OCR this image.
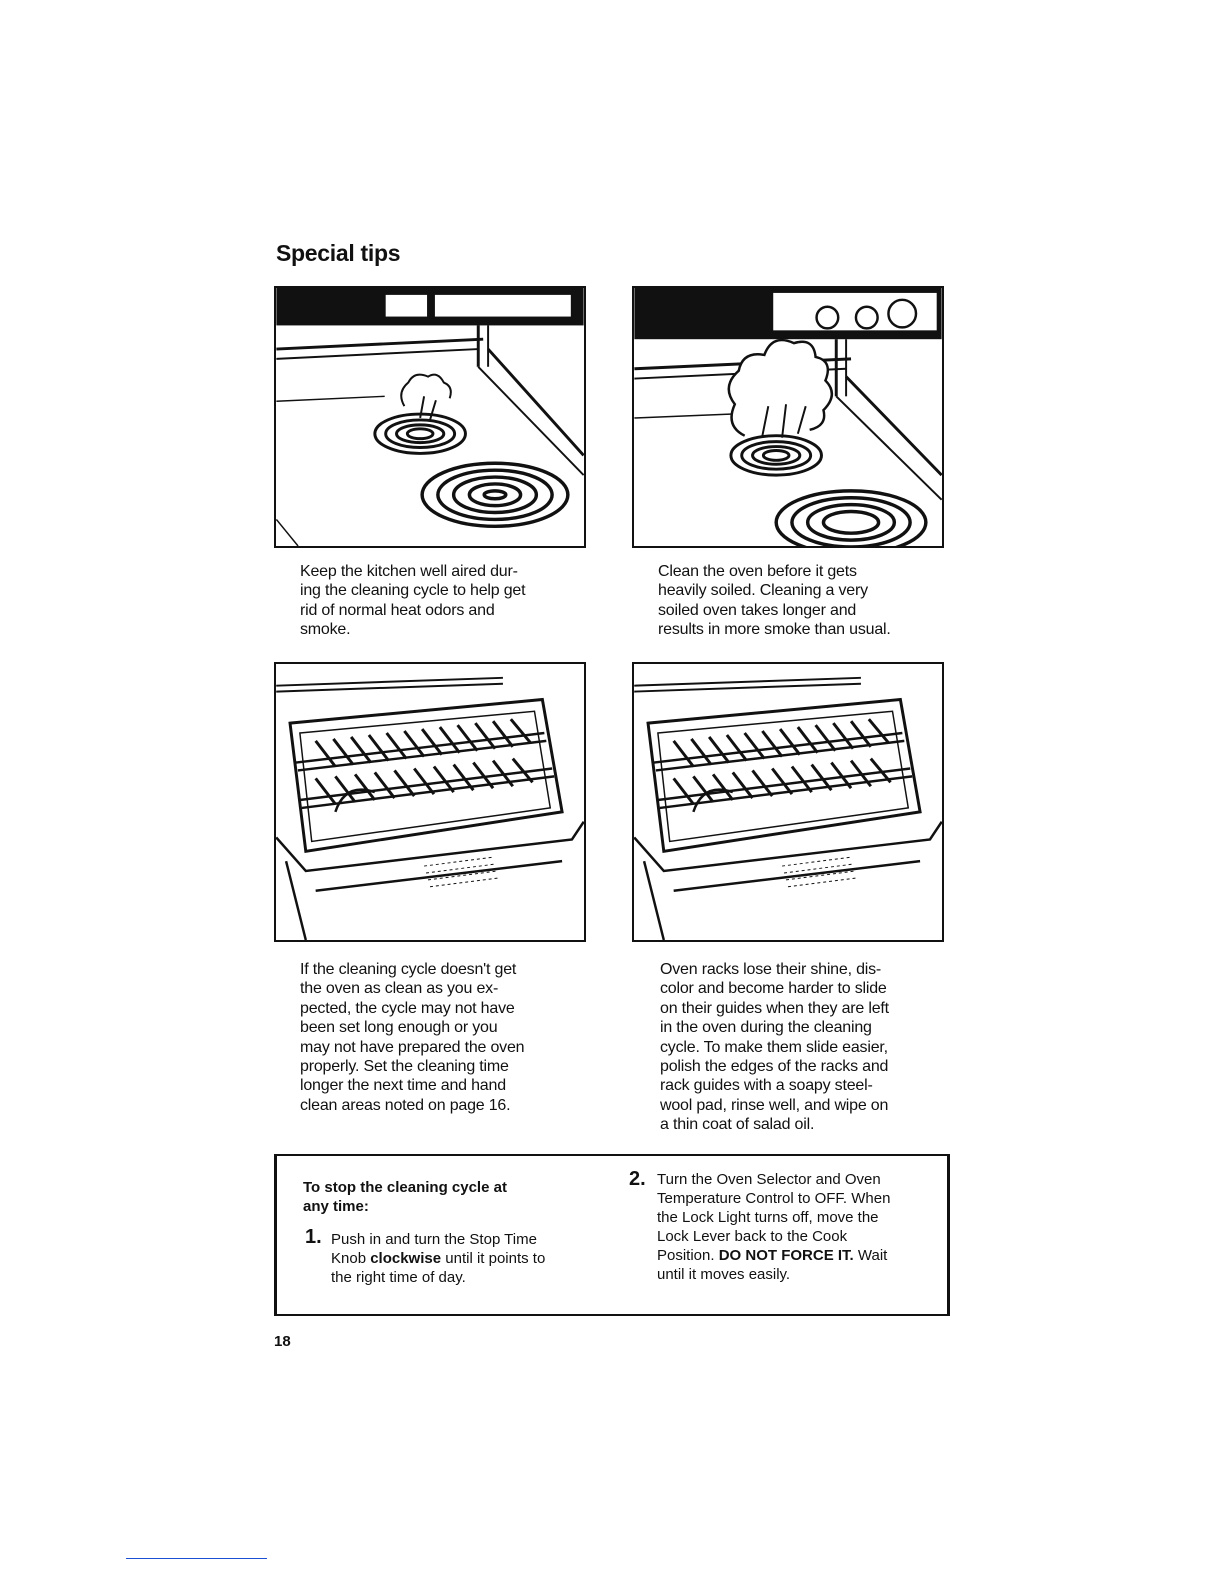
Special tips
Keep the kitchen well aired dur-
ing the cleaning cycle to help get
rid of normal heat odors and
smoke.
Clean the oven before it gets
heavily soiled. Cleaning a very
soiled oven takes longer and
results in more smoke than usual.
If the cleaning cycle doesn't get
the oven as clean as you ex-
pected, the cycle may not have
been set long enough or you
may not have prepared the oven
properly. Set the cleaning time
longer the next time and hand
clean areas noted on page 16.
Oven racks lose their shine, dis-
color and become harder to slide
on their guides when they are left
in the oven during the cleaning
cycle. To make them slide easier,
polish the edges of the racks and
rack guides with a soapy steel-
wool pad, rinse well, and wipe on
a thin coat of salad oil.
To stop the cleaning cycle at
any time:
1. Push in and turn the Stop Time
Knob clockwise until it points to
the right time of day.
2. Turn the Oven Selector and Oven
Temperature Control to OFF. When
the Lock Light turns off, move the
Lock Lever back to the Cook
Position. DO NOT FORCE IT. Wait
until it moves easily.
18
